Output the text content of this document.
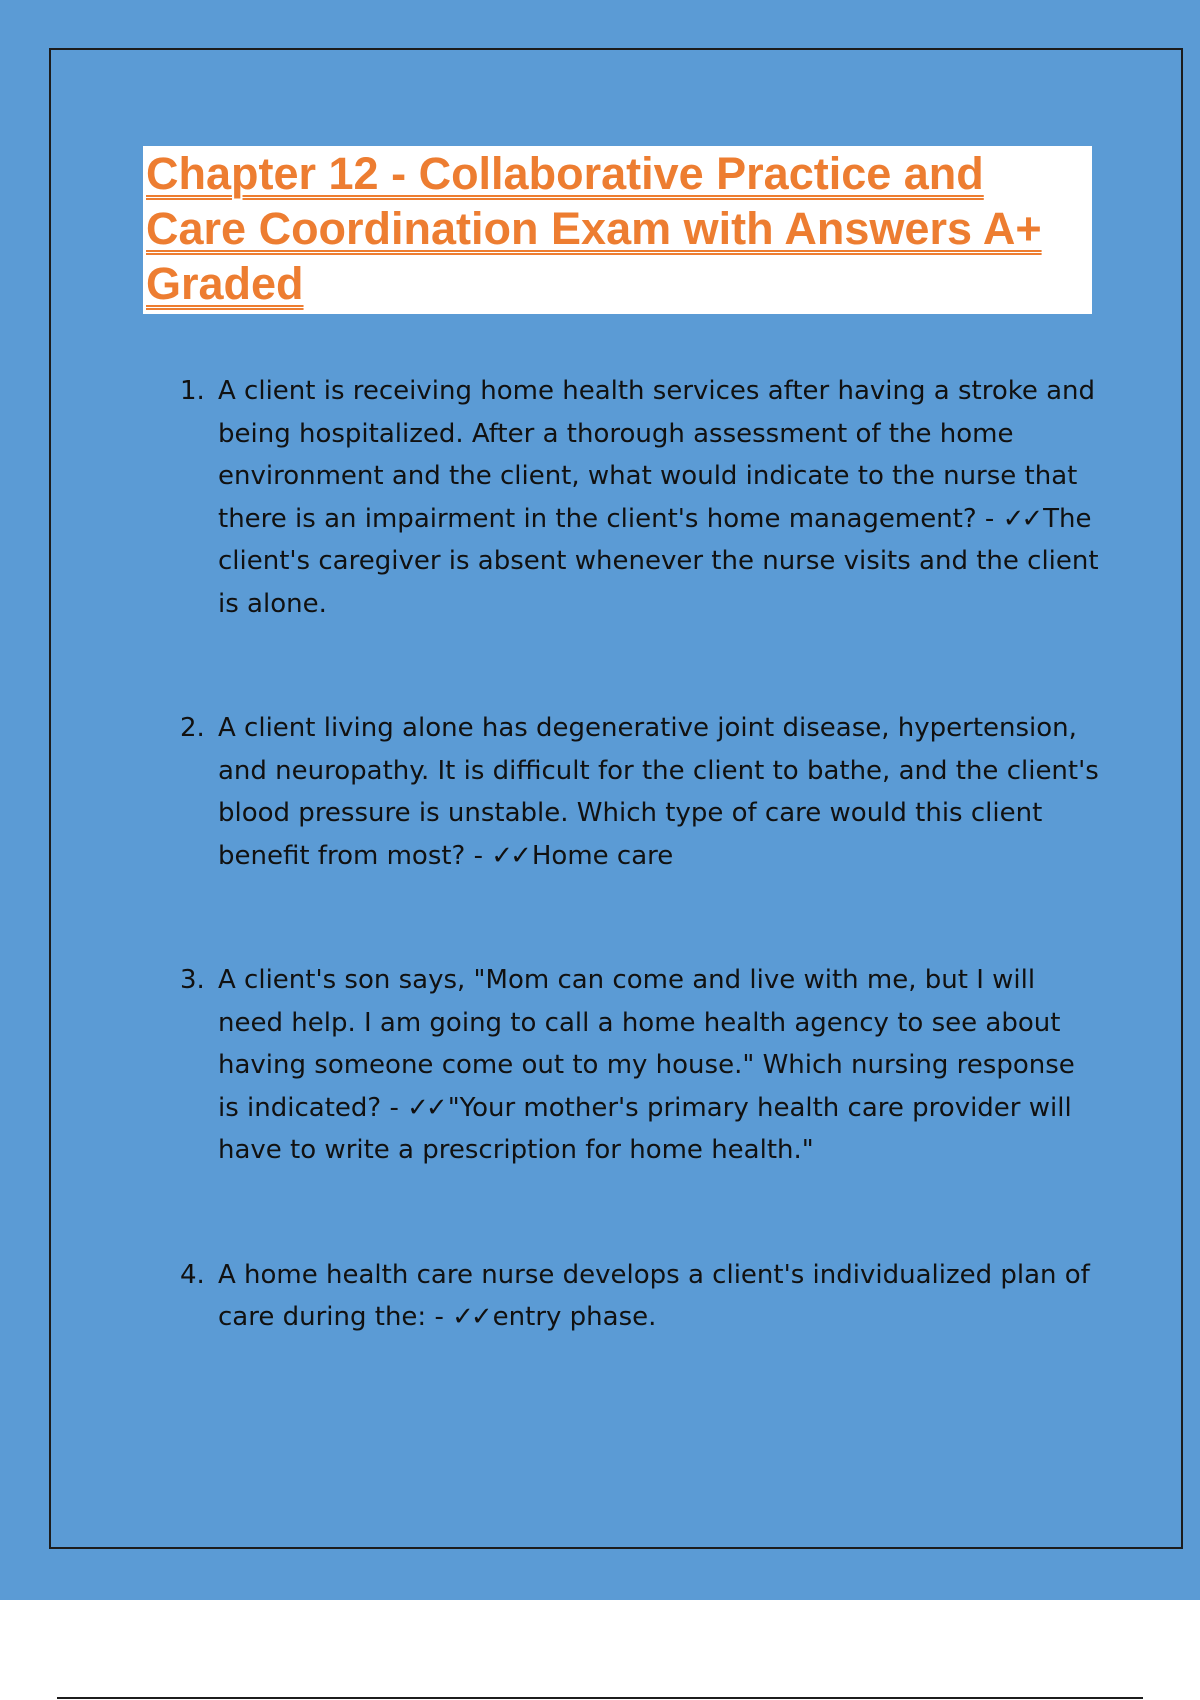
Chapter 12 - Collaborative Practice and Care Coordination Exam with Answers A+ Graded
1. A client is receiving home health services after having a stroke and being hospitalized. After a thorough assessment of the home environment and the client, what would indicate to the nurse that there is an impairment in the client's home management? - ✓✓ The client's caregiver is absent whenever the nurse visits and the client is alone.
2. A client living alone has degenerative joint disease, hypertension, and neuropathy. It is difficult for the client to bathe, and the client's blood pressure is unstable. Which type of care would this client benefit from most? - ✓✓ Home care
3. A client's son says, "Mom can come and live with me, but I will need help. I am going to call a home health agency to see about having someone come out to my house." Which nursing response is indicated? - ✓✓ "Your mother's primary health care provider will have to write a prescription for home health."
4. A home health care nurse develops a client's individualized plan of care during the: - ✓✓ entry phase.
